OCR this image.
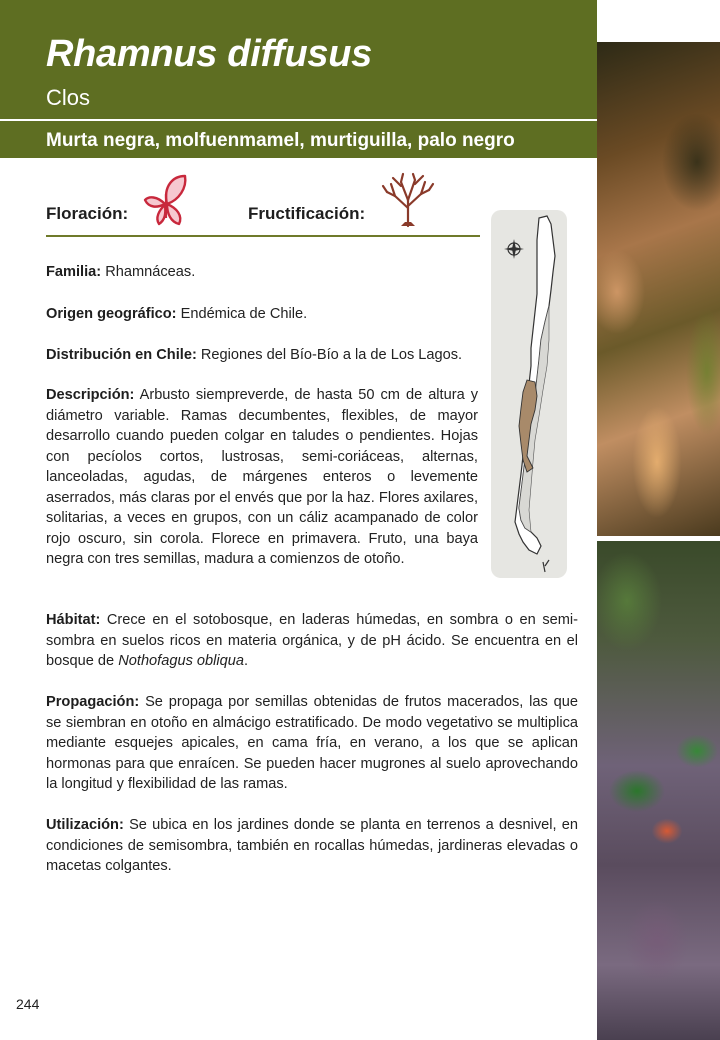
Rhamnus diffusus
Clos
Murta negra, molfuenmamel, murtiguilla, palo negro
Floración:	Fructificación:

Familia: Rhamnáceas.

Origen geográfico: Endémica de Chile.

Distribución en Chile: Regiones del Bío-Bío a la de Los Lagos.

Descripción: Arbusto siempreverde, de hasta 50 cm de altura y diámetro variable. Ramas decumbentes, flexibles, de mayor desarrollo cuando pueden colgar en taludes o pendientes. Hojas con pecíolos cortos, lustrosas, semi-coriáceas, alternas, lanceoladas, agudas, de márgenes enteros o levemente aserrados, más claras por el envés que por la haz. Flores axilares, solitarias, a veces en grupos, con un cáliz acampanado de color rojo oscuro, sin corola. Florece en primavera. Fruto, una baya negra con tres semillas, madura a comienzos de otoño.

Hábitat: Crece en el sotobosque, en laderas húmedas, en sombra o en semi-sombra en suelos ricos en materia orgánica, y de pH ácido. Se encuentra en el bosque de Nothofagus obliqua.

Propagación: Se propaga por semillas obtenidas de frutos macerados, las que se siembran en otoño en almácigo estratificado. De modo vegetativo se multiplica mediante esquejes apicales, en cama fría, en verano, a los que se aplican hormonas para que enraícen. Se pueden hacer mugrones al suelo aprovechando la longitud y flexibilidad de las ramas.

Utilización: Se ubica en los jardines donde se planta en terrenos a desnivel, en condiciones de semisombra, también en rocallas húmedas, jardineras elevadas o macetas colgantes.

244
